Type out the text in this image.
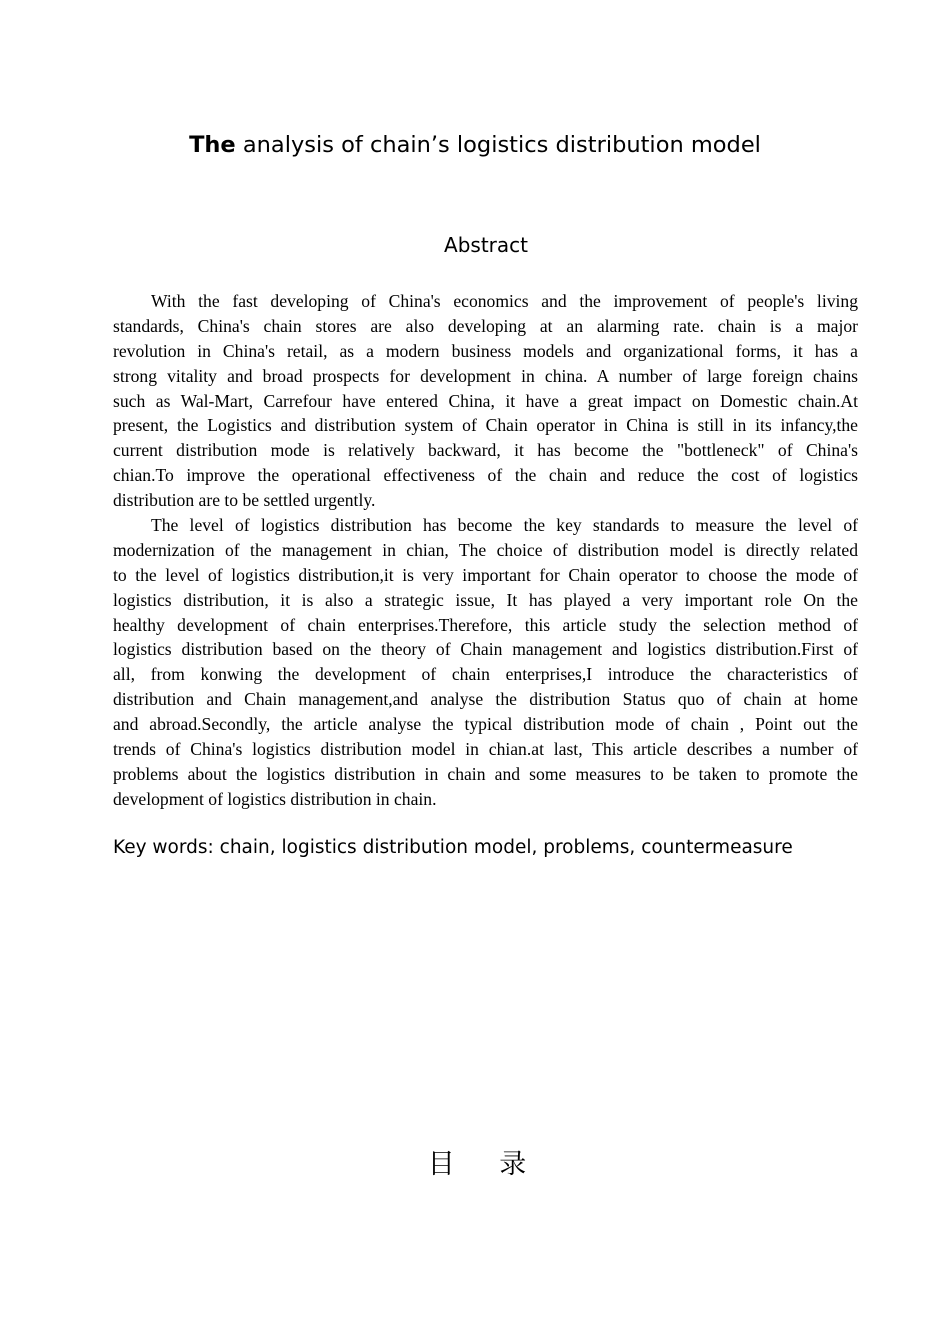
The analysis of chain’s logistics distribution model
Abstract
With the fast developing of China's economics and the improvement of people's living
standards, China's chain stores are also developing at an alarming rate. chain is a major
revolution in China's retail, as a modern business models and organizational forms, it has a
strong vitality and broad prospects for development in china. A number of large foreign chains
such as Wal-Mart, Carrefour have entered China, it have a great impact on Domestic chain.At
present, the Logistics and distribution system of Chain operator in China is still in its infancy,the
current distribution mode is relatively backward, it has become the "bottleneck" of China's
chian.To improve the operational effectiveness of the chain and reduce the cost of logistics
distribution are to be settled urgently.
The level of logistics distribution has become the key standards to measure the level of
modernization of the management in chian, The choice of distribution model is directly related
to the level of logistics distribution,it is very important for Chain operator to choose the mode of
logistics distribution, it is also a strategic issue, It has played a very important role On the
healthy development of chain enterprises.Therefore, this article study the selection method of
logistics distribution based on the theory of Chain management and logistics distribution.First of
all, from konwing the development of chain enterprises,I introduce the characteristics of
distribution and Chain management,and analyse the distribution Status quo of chain at home
and abroad.Secondly, the article analyse the typical distribution mode of chain , Point out the
trends of China's logistics distribution model in chian.at last, This article describes a number of
problems about the logistics distribution in chain and some measures to be taken to promote the
development of logistics distribution in chain.
Key words: chain, logistics distribution model, problems, countermeasure
目 录
